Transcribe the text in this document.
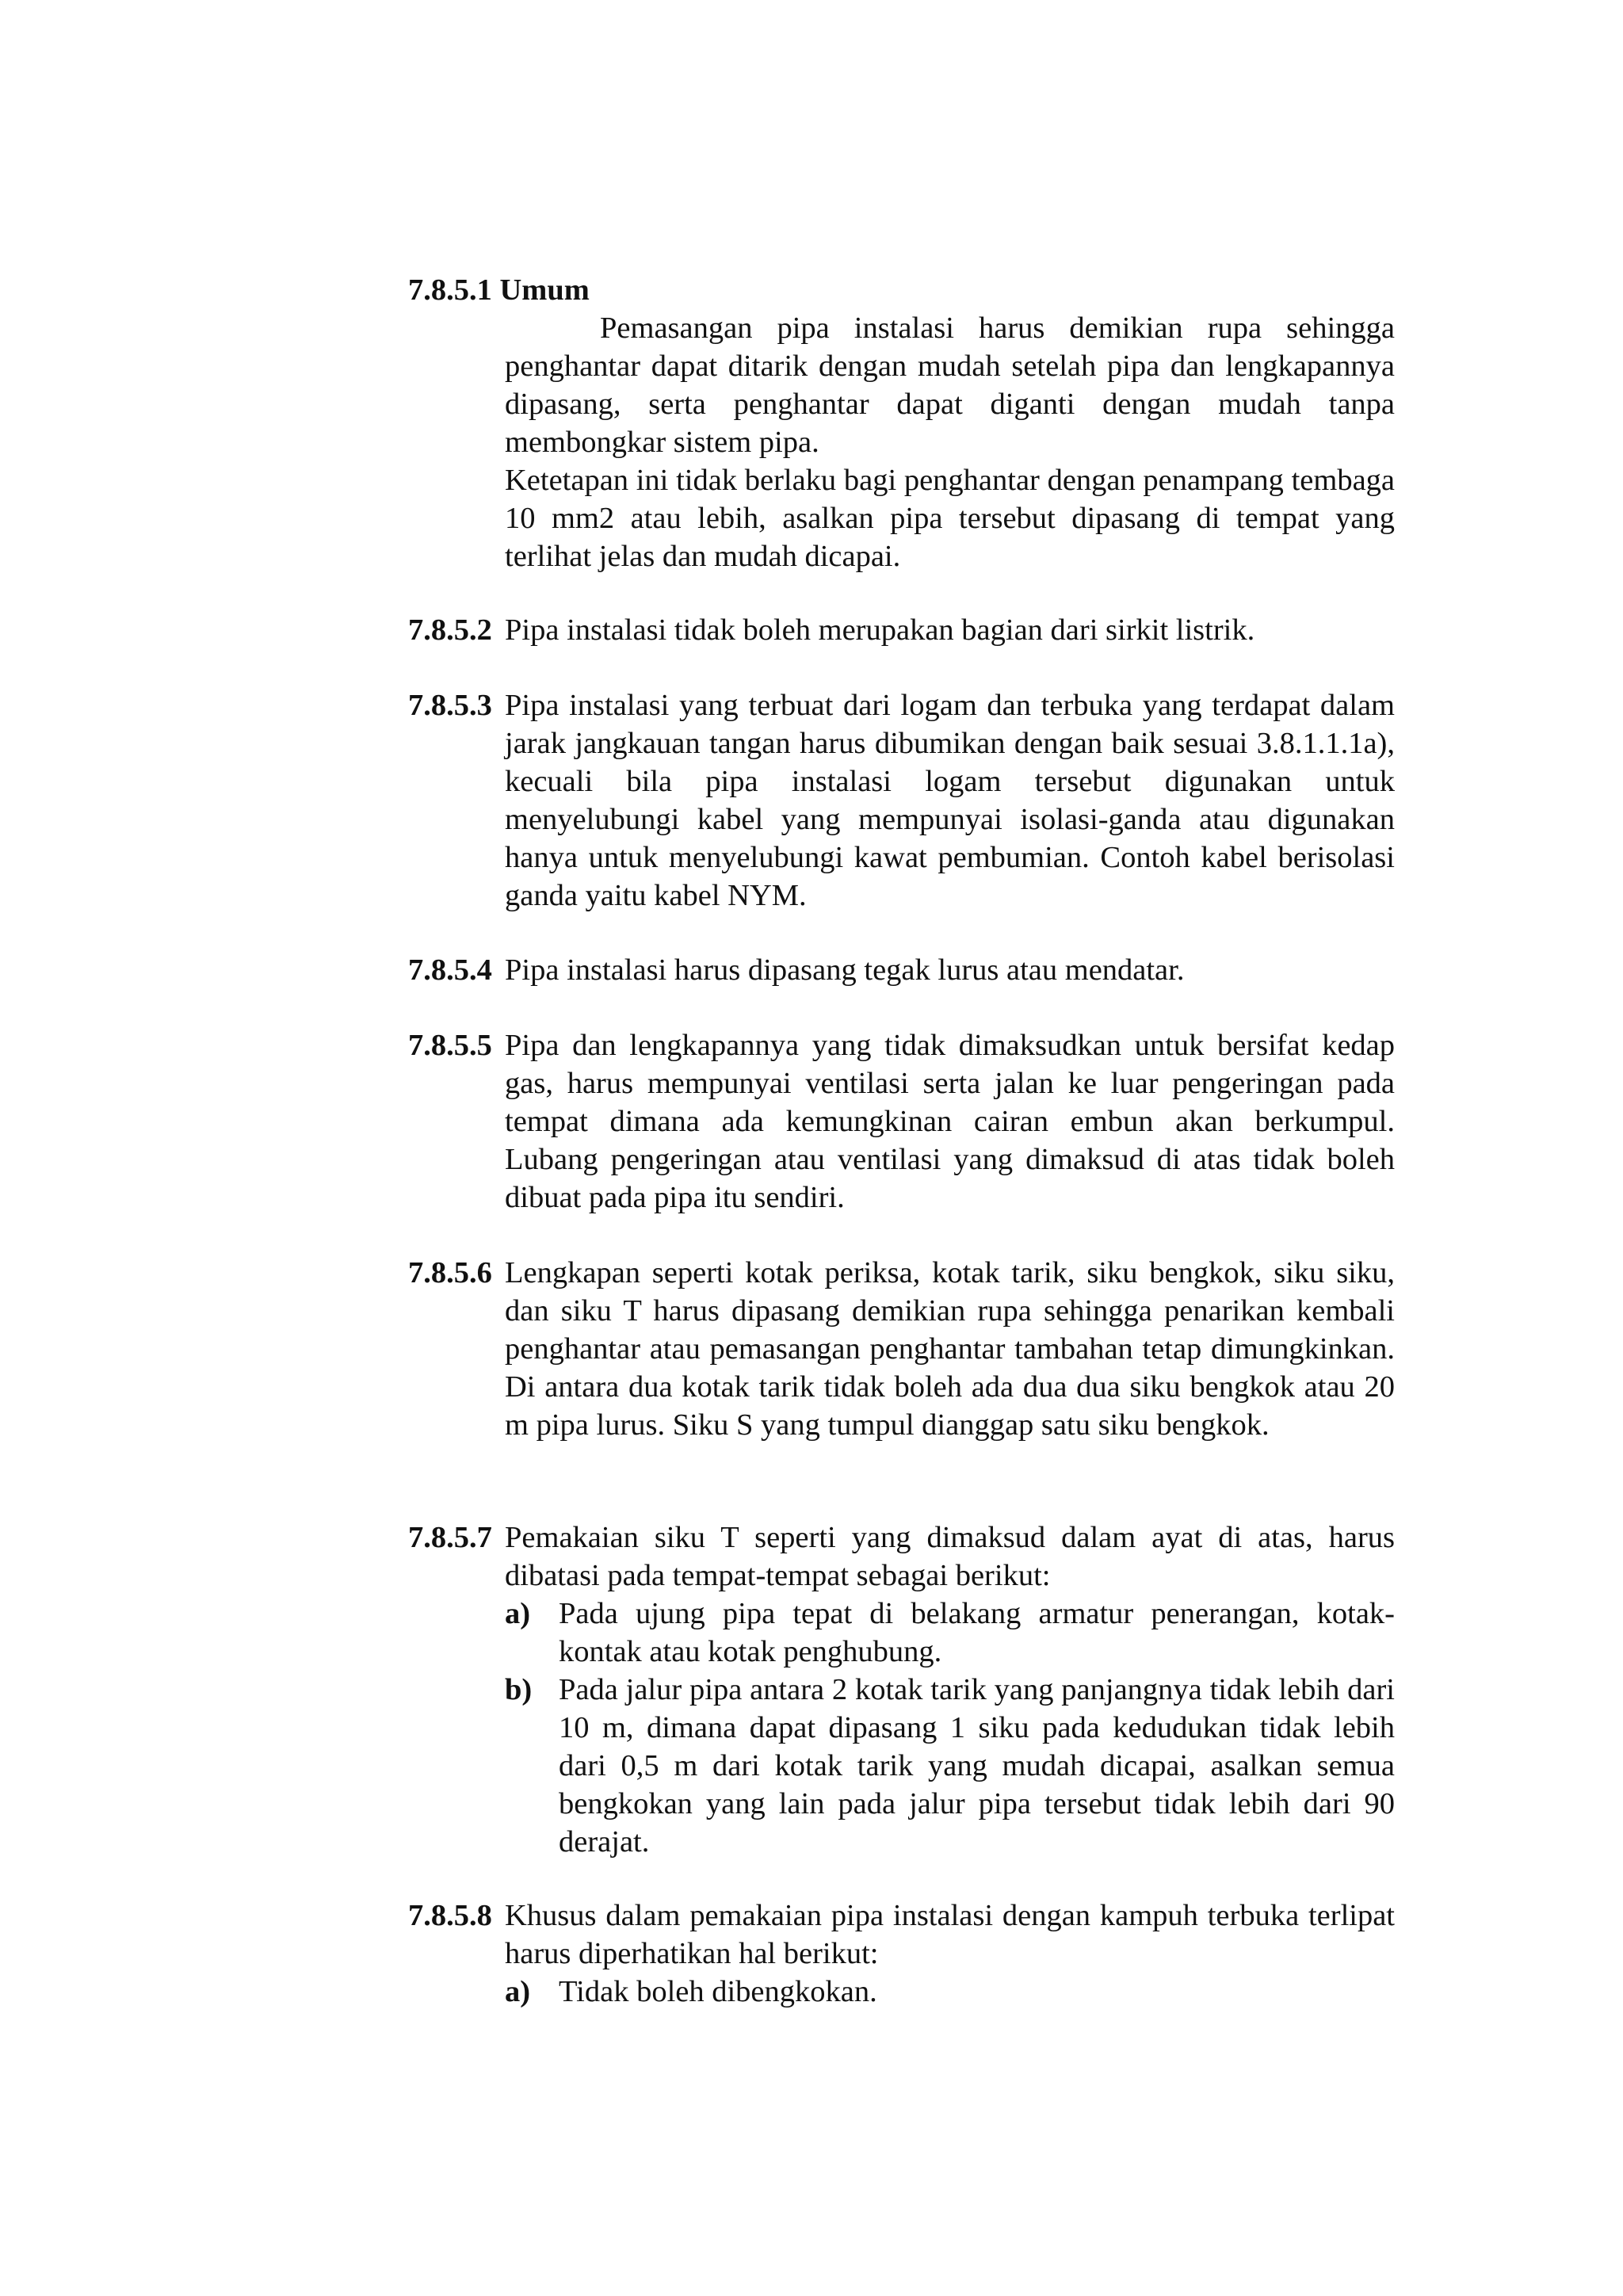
7.8.5.1 Umum

Pemasangan pipa instalasi harus demikian rupa sehingga penghantar dapat ditarik dengan mudah setelah pipa dan lengkapannya dipasang, serta penghantar dapat diganti dengan mudah tanpa membongkar sistem pipa.

Ketetapan ini tidak berlaku bagi penghantar dengan penampang tembaga 10 mm2 atau lebih, asalkan pipa tersebut dipasang di tempat yang terlihat jelas dan mudah dicapai.

7.8.5.2 Pipa instalasi tidak boleh merupakan bagian dari sirkit listrik.

7.8.5.3 Pipa instalasi yang terbuat dari logam dan terbuka yang terdapat dalam jarak jangkauan tangan harus dibumikan dengan baik sesuai 3.8.1.1.1a), kecuali bila pipa instalasi logam tersebut digunakan untuk menyelubungi kabel yang mempunyai isolasi-ganda atau digunakan hanya untuk menyelubungi kawat pembumian. Contoh kabel berisolasi ganda yaitu kabel NYM.

7.8.5.4 Pipa instalasi harus dipasang tegak lurus atau mendatar.

7.8.5.5 Pipa dan lengkapannya yang tidak dimaksudkan untuk bersifat kedap gas, harus mempunyai ventilasi serta jalan ke luar pengeringan pada tempat dimana ada kemungkinan cairan embun akan berkumpul. Lubang pengeringan atau ventilasi yang dimaksud di atas tidak boleh dibuat pada pipa itu sendiri.

7.8.5.6 Lengkapan seperti kotak periksa, kotak tarik, siku bengkok, siku siku, dan siku T harus dipasang demikian rupa sehingga penarikan kembali penghantar atau pemasangan penghantar tambahan tetap dimungkinkan. Di antara dua kotak tarik tidak boleh ada dua dua siku bengkok atau 20 m pipa lurus. Siku S yang tumpul dianggap satu siku bengkok.

7.8.5.7 Pemakaian siku T seperti yang dimaksud dalam ayat di atas, harus dibatasi pada tempat-tempat sebagai berikut:

a) Pada ujung pipa tepat di belakang armatur penerangan, kotak-kontak atau kotak penghubung.
b) Pada jalur pipa antara 2 kotak tarik yang panjangnya tidak lebih dari 10 m, dimana dapat dipasang 1 siku pada kedudukan tidak lebih dari 0,5 m dari kotak tarik yang mudah dicapai, asalkan semua bengkokan yang lain pada jalur pipa tersebut tidak lebih dari 90 derajat.
7.8.5.8 Khusus dalam pemakaian pipa instalasi dengan kampuh terbuka terlipat harus diperhatikan hal berikut:

a) Tidak boleh dibengkokan.
